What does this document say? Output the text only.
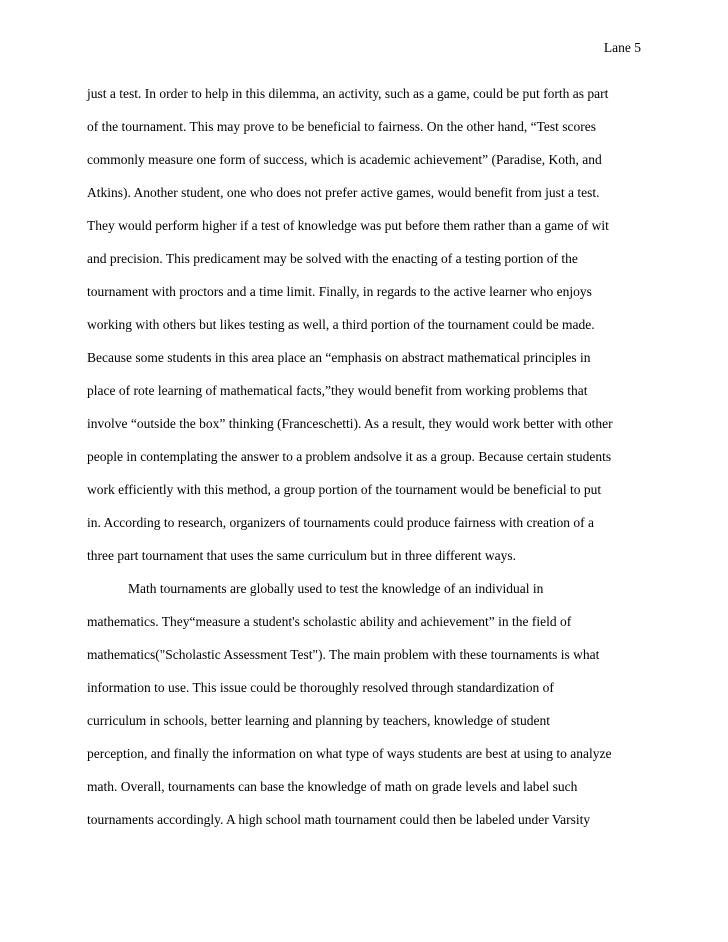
Lane 5
just a test. In order to help in this dilemma, an activity, such as a game, could be put forth as part
of the tournament. This may prove to be beneficial to fairness. On the other hand, “Test scores
commonly measure one form of success, which is academic achievement” (Paradise, Koth, and
Atkins). Another student, one who does not prefer active games, would benefit from just a test.
They would perform higher if a test of knowledge was put before them rather than a game of wit
and precision. This predicament may be solved with the enacting of a testing portion of the
tournament with proctors and a time limit. Finally, in regards to the active learner who enjoys
working with others but likes testing as well, a third portion of the tournament could be made.
Because some students in this area place an “emphasis on abstract mathematical principles in
place of rote learning of mathematical facts,”they would benefit from working problems that
involve “outside the box” thinking (Franceschetti). As a result, they would work better with other
people in contemplating the answer to a problem andsolve it as a group. Because certain students
work efficiently with this method, a group portion of the tournament would be beneficial to put
in. According to research, organizers of tournaments could produce fairness with creation of a
three part tournament that uses the same curriculum but in three different ways.
Math tournaments are globally used to test the knowledge of an individual in
mathematics. They“measure a student's scholastic ability and achievement” in the field of
mathematics("Scholastic Assessment Test"). The main problem with these tournaments is what
information to use. This issue could be thoroughly resolved through standardization of
curriculum in schools, better learning and planning by teachers, knowledge of student
perception, and finally the information on what type of ways students are best at using to analyze
math. Overall, tournaments can base the knowledge of math on grade levels and label such
tournaments accordingly. A high school math tournament could then be labeled under Varsity
